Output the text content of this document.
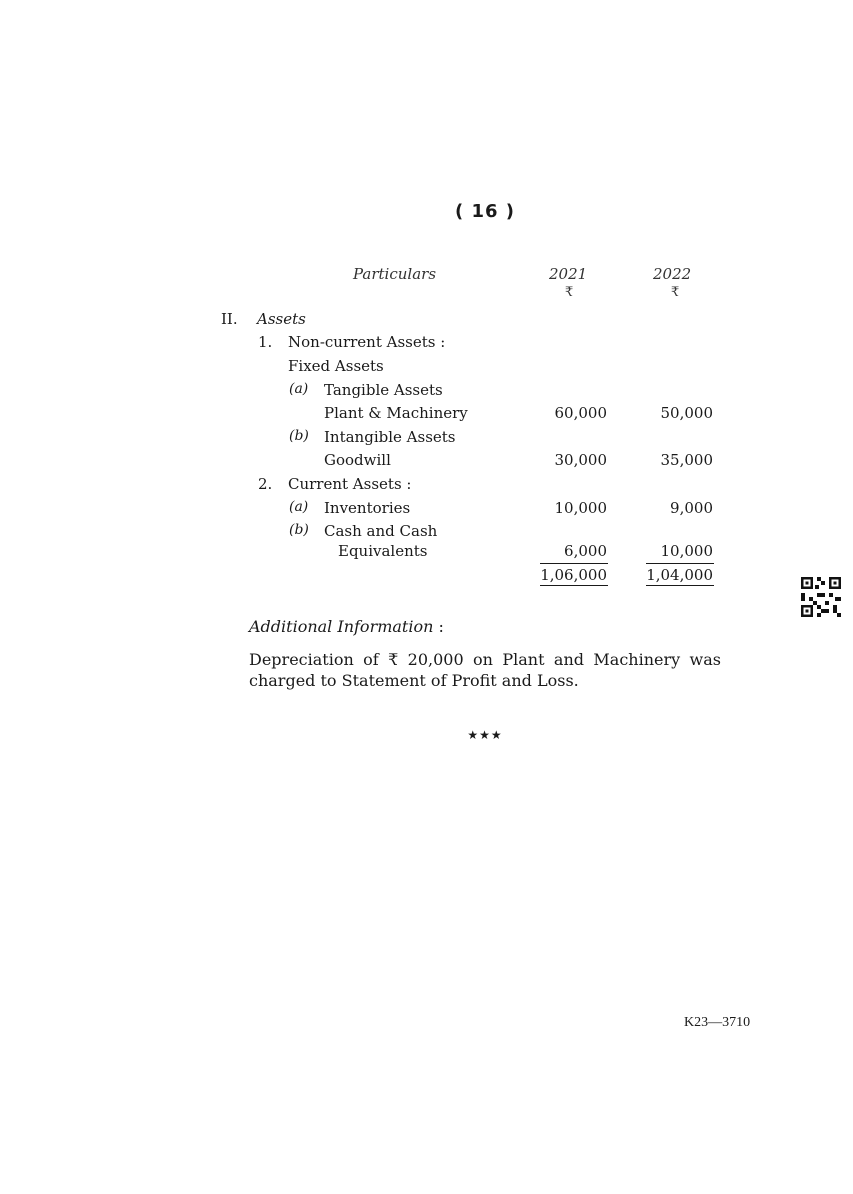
( 16 )
Particulars	2021	2022
₹	₹
II. Assets
1. Non-current Assets :
Fixed Assets
(a) Tangible Assets
Plant & Machinery	60,000	50,000
(b) Intangible Assets
Goodwill	30,000	35,000
2. Current Assets :
(a) Inventories	10,000	9,000
(b) Cash and Cash
Equivalents	6,000	10,000
1,06,000	1,04,000
Additional Information :
Depreciation of ₹ 20,000 on Plant and Machinery was charged to Statement of Profit and Loss.
★★★
K23—3710
